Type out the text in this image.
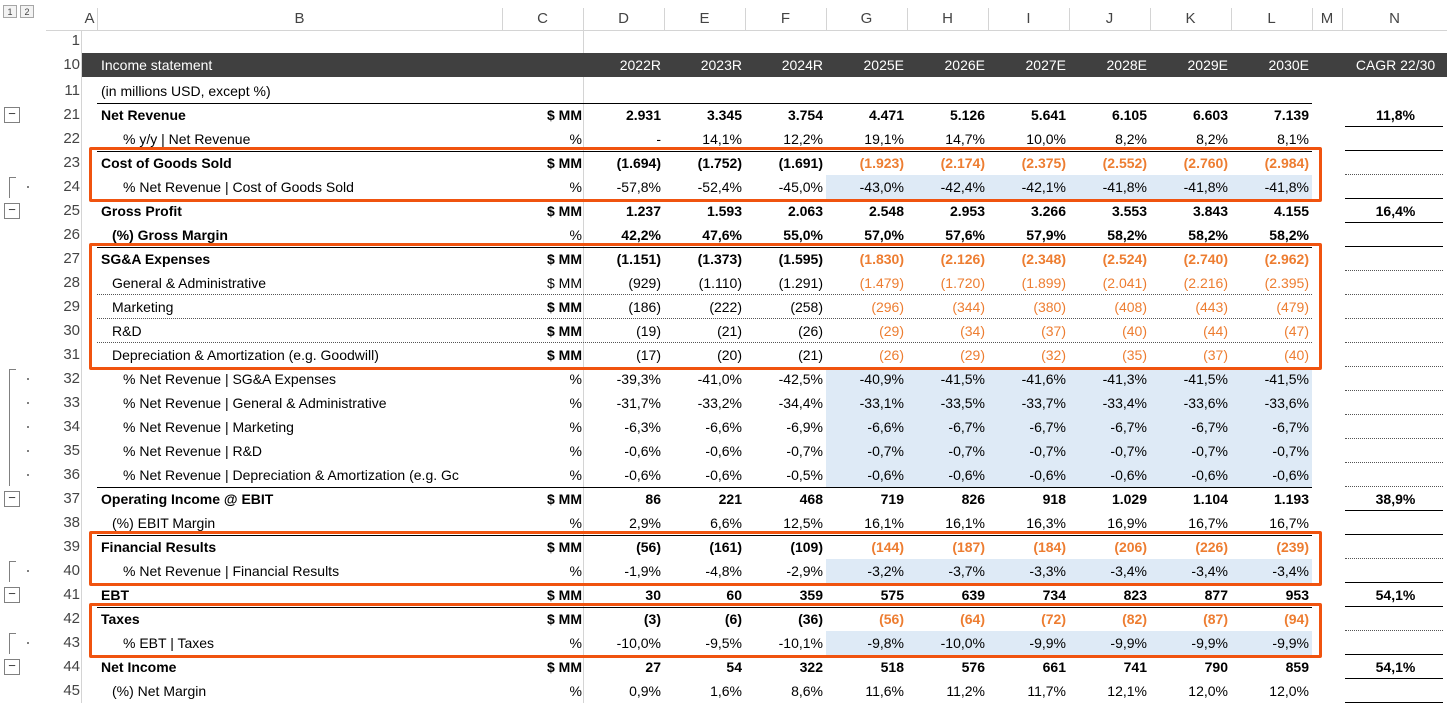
1	2	A	B	C	D	E	F	G	H	I	J	K	L	M	N
1
10 Income statement	2022R	2023R	2024R	2025E	2026E	2027E	2028E	2029E	2030E	CAGR 22/30
11 (in millions USD, except %)
21 Net Revenue	$ MM	2.931	3.345	3.754	4.471	5.126	5.641	6.105	6.603	7.139	11,8%
22	% y/y | Net Revenue	%	-	14,1%	12,2%	19,1%	14,7%	10,0%	8,2%	8,2%	8,1%
23 Cost of Goods Sold	$ MM	(1.694)	(1.752)	(1.691)	(1.923)	(2.174)	(2.375)	(2.552)	(2.760)	(2.984)
24	% Net Revenue | Cost of Goods Sold	%	-57,8%	-52,4%	-45,0%	-43,0%	-42,4%	-42,1%	-41,8%	-41,8%	-41,8%
25 Gross Profit	$ MM	1.237	1.593	2.063	2.548	2.953	3.266	3.553	3.843	4.155	16,4%
26 (%) Gross Margin	%	42,2%	47,6%	55,0%	57,0%	57,6%	57,9%	58,2%	58,2%	58,2%
27 SG&A Expenses	$ MM	(1.151)	(1.373)	(1.595)	(1.830)	(2.126)	(2.348)	(2.524)	(2.740)	(2.962)
28 General & Administrative	$ MM	(929)	(1.110)	(1.291)	(1.479)	(1.720)	(1.899)	(2.041)	(2.216)	(2.395)
29 Marketing	$ MM	(186)	(222)	(258)	(296)	(344)	(380)	(408)	(443)	(479)
30 R&D	$ MM	(19)	(21)	(26)	(29)	(34)	(37)	(40)	(44)	(47)
31 Depreciation & Amortization (e.g. Goodwill)	$ MM	(17)	(20)	(21)	(26)	(29)	(32)	(35)	(37)	(40)
32	% Net Revenue | SG&A Expenses	%	-39,3%	-41,0%	-42,5%	-40,9%	-41,5%	-41,6%	-41,3%	-41,5%	-41,5%
33	% Net Revenue | General & Administrative	%	-31,7%	-33,2%	-34,4%	-33,1%	-33,5%	-33,7%	-33,4%	-33,6%	-33,6%
34	% Net Revenue | Marketing	%	-6,3%	-6,6%	-6,9%	-6,6%	-6,7%	-6,7%	-6,7%	-6,7%	-6,7%
35	% Net Revenue | R&D	%	-0,6%	-0,6%	-0,7%	-0,7%	-0,7%	-0,7%	-0,7%	-0,7%	-0,7%
36	% Net Revenue | Depreciation & Amortization (e.g. Gc	%	-0,6%	-0,6%	-0,5%	-0,6%	-0,6%	-0,6%	-0,6%	-0,6%	-0,6%
37 Operating Income @ EBIT	$ MM	86	221	468	719	826	918	1.029	1.104	1.193	38,9%
38 (%) EBIT Margin	%	2,9%	6,6%	12,5%	16,1%	16,1%	16,3%	16,9%	16,7%	16,7%
39 Financial Results	$ MM	(56)	(161)	(109)	(144)	(187)	(184)	(206)	(226)	(239)
40	% Net Revenue | Financial Results	%	-1,9%	-4,8%	-2,9%	-3,2%	-3,7%	-3,3%	-3,4%	-3,4%	-3,4%
41 EBT	$ MM	30	60	359	575	639	734	823	877	953	54,1%
42 Taxes	$ MM	(3)	(6)	(36)	(56)	(64)	(72)	(82)	(87)	(94)
43	% EBT | Taxes	%	-10,0%	-9,5%	-10,1%	-9,8%	-10,0%	-9,9%	-9,9%	-9,9%	-9,9%
44 Net Income	$ MM	27	54	322	518	576	661	741	790	859	54,1%
45 (%) Net Margin	%	0,9%	1,6%	8,6%	11,6%	11,2%	11,7%	12,1%	12,0%	12,0%
−
−
−
−
−
